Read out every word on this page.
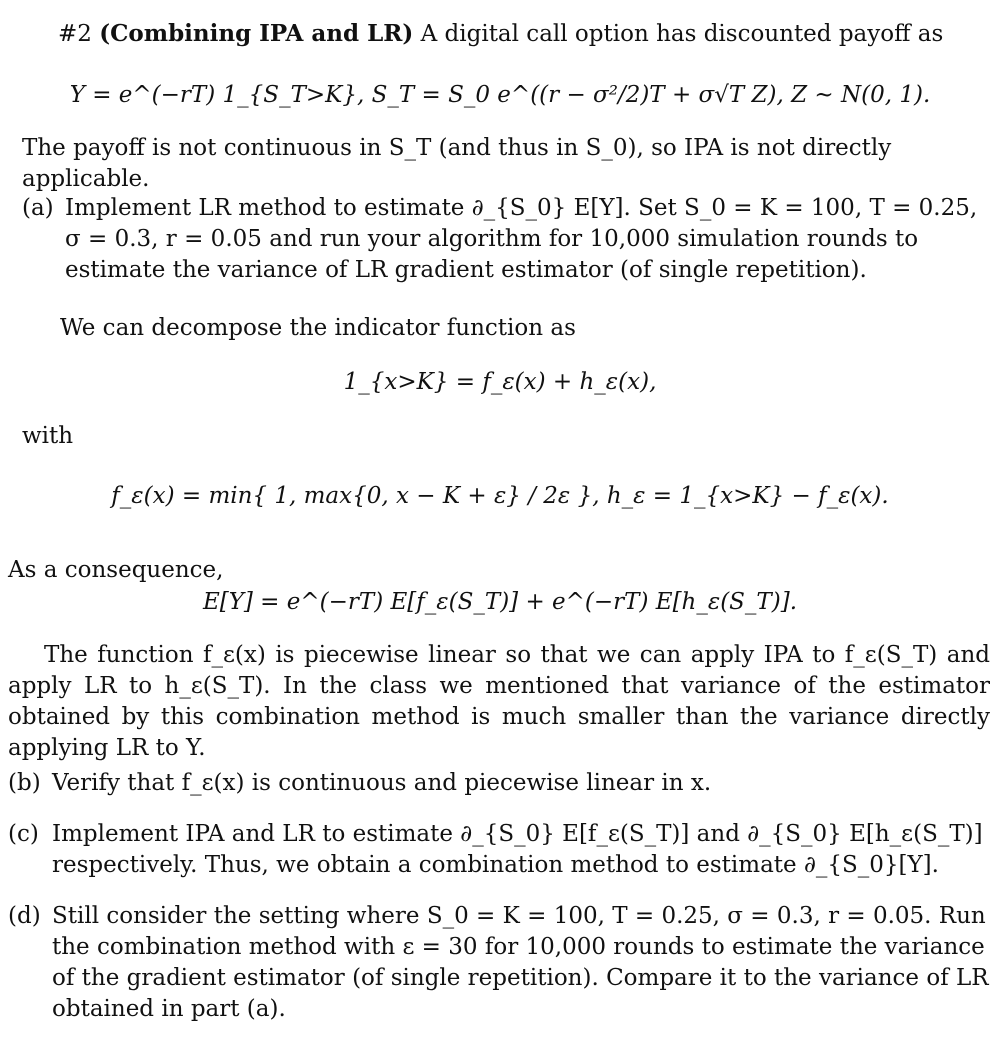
#2 (Combining IPA and LR) A digital call option has discounted payoff as

Y = e^(−rT) 1_{S_T>K}, S_T = S_0 e^((r − σ²/2)T + σ√T Z), Z ~ N(0, 1).

The payoff is not continuous in S_T (and thus in S_0), so IPA is not directly applicable.

(a) Implement LR method to estimate ∂_{S_0} E[Y]. Set S_0 = K = 100, T = 0.25, σ = 0.3, r = 0.05 and run your algorithm for 10,000 simulation rounds to estimate the variance of LR gradient estimator (of single repetition).

We can decompose the indicator function as

1_{x>K} = f_ε(x) + h_ε(x),

with

f_ε(x) = min{ 1, max{0, x − K + ε} / 2ε }, h_ε = 1_{x>K} − f_ε(x).

As a consequence,

E[Y] = e^(−rT) E[f_ε(S_T)] + e^(−rT) E[h_ε(S_T)].

The function f_ε(x) is piecewise linear so that we can apply IPA to f_ε(S_T) and apply LR to h_ε(S_T). In the class we mentioned that variance of the estimator obtained by this combination method is much smaller than the variance directly applying LR to Y.

(b) Verify that f_ε(x) is continuous and piecewise linear in x.
(c) Implement IPA and LR to estimate ∂_{S_0} E[f_ε(S_T)] and ∂_{S_0} E[h_ε(S_T)] respectively. Thus, we obtain a combination method to estimate ∂_{S_0}[Y].
(d) Still consider the setting where S_0 = K = 100, T = 0.25, σ = 0.3, r = 0.05. Run the combination method with ε = 30 for 10,000 rounds to estimate the variance of the gradient estimator (of single repetition). Compare it to the variance of LR obtained in part (a).
